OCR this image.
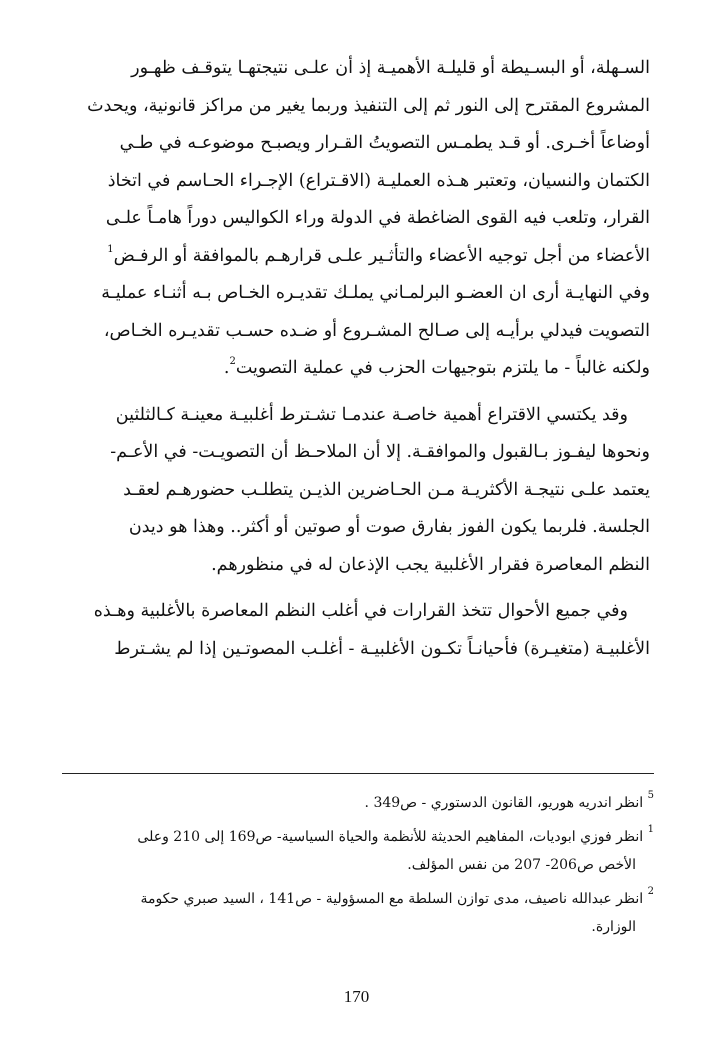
السـهلة، أو البسـيطة أو قليلـة الأهميـة إذ أن علـى نتيجتهـا يتوقـف ظهـور
المشروع المقترح إلى النور ثم إلى التنفيذ وربما يغير من مراكز قانونية، ويحدث
أوضاعاً أخـرى. أو قـد يطمـس التصويتُ القـرار ويصبـح موضوعـه في طـي
الكتمان والنسيان، وتعتبر هـذه العمليـة (الاقـتراع) الإجـراء الحـاسم في اتخاذ
القرار، وتلعب فيه القوى الضاغطة في الدولة وراء الكواليس دوراً هامـاً علـى
الأعضاء من أجل توجيه الأعضاء والتأثـير علـى قرارهـم بالموافقة أو الرفـض$^1$
وفي النهايـة أرى ان العضـو البرلمـاني يملـك تقديـره الخـاص بـه أثنـاء عمليـة
التصويت فيدلي برأيـه إلى صـالح المشـروع أو ضـده حسـب تقديـره الخـاص،
ولكنه غالباً - ما يلتزم بتوجيهات الحزب في عملية التصويت$^2$.
وقد يكتسي الاقتراع أهمية خاصـة عندمـا تشـترط أغلبيـة معينـة كـالثلثين
ونحوها ليفـوز بـالقبول والموافقـة. إلا أن الملاحـظ أن التصويـت- في الأعـم-
يعتمد علـى نتيجـة الأكثريـة مـن الحـاضرين الذيـن يتطلـب حضورهـم لعقـد
الجلسة. فلربما يكون الفوز بفارق صوت أو صوتين أو أكثر.. وهذا هو ديدن
النظم المعاصرة فقرار الأغلبية يجب الإذعان له في منظورهم.
وفي جميع الأحوال تتخذ القرارات في أغلب النظم المعاصرة بالأغلبية وهـذه
الأغلبيـة (متغيـرة) فأحيانـاً تكـون الأغلبيـة - أغلـب المصوتـين إذا لم يشـترط
$^5$ انظر اندريه هوريو، القانون الدستوري - ص349 .
$^1$ انظر فوزي ابوديات، المفاهيم الحديثة للأنظمة والحياة السياسية- ص169 إلى 210 وعلى
الأخص ص206- 207 من نفس المؤلف.
$^2$ انظر عبدالله ناصيف، مدى توازن السلطة مع المسؤولية - ص141 ، السيد صبري حكومة
الوزارة.
170
